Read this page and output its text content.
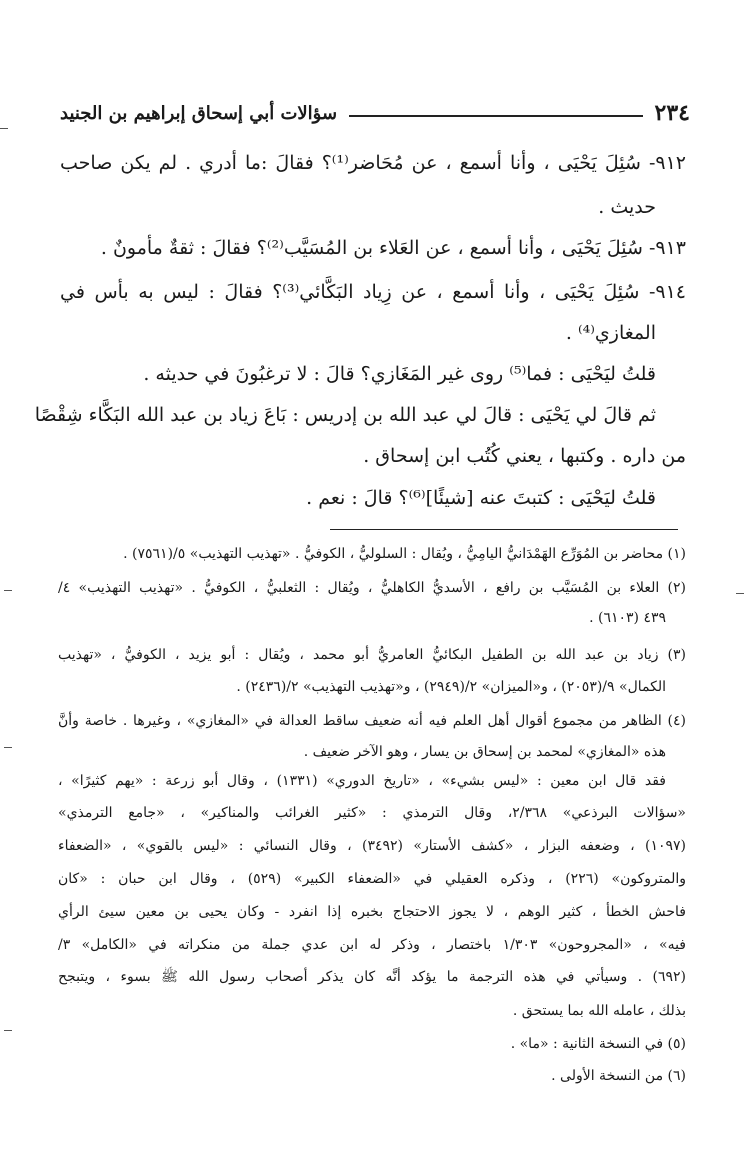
٢٣٤
سؤالات أبي إسحاق إبراهيم بن الجنيد
٩١٢- سُئِلَ يَحْيَى ، وأنا أسمع ، عن مُحَاضر⁽¹⁾؟ فقالَ :ما أدري . لم يكن صاحب
حديث .
٩١٣- سُئِلَ يَحْيَى ، وأنا أسمع ، عن العَلاء بن المُسَيَّب⁽²⁾؟ فقالَ : ثقةٌ مأمونٌ .
٩١٤- سُئِلَ يَحْيَى ، وأنا أسمع ، عن زِياد البَكَّائي⁽³⁾؟ فقالَ : ليس به بأس في
المغازي⁽⁴⁾ .
قلتُ ليَحْيَى : فما⁽⁵⁾ روى غير المَغَازي؟ قالَ : لا ترغبُونَ في حديثه .
ثم قالَ لي يَحْيَى : قالَ لي عبد الله بن إدريس : بَاعَ زياد بن عبد الله البَكَّاء شِقْصًا
من داره . وكتبها ، يعني كُتُب ابن إسحاق .
قلتُ ليَحْيَى : كتبتَ عنه [شيئًا]⁽⁶⁾؟ قالَ : نعم .
(١) محاضر بن المُوَرِّع الهَمْدَانيُّ اليامِيُّ ، ويُقال : السلوليُّ ، الكوفيُّ . «تهذيب التهذيب» ٥/(٧٥٦١) .
(٢) العلاء بن المُسَيَّب بن رافع ، الأسديُّ الكاهليُّ ، ويُقال : الثعلبيُّ ، الكوفيُّ . «تهذيب التهذيب» ٤/
٤٣٩ (٦١٠٣) .
(٣) زياد بن عبد الله بن الطفيل البكائيُّ العامريُّ أبو محمد ، ويُقال : أبو يزيد ، الكوفيُّ ، «تهذيب
الكمال» ٩/(٢٠٥٣) ، و«الميزان» ٢/(٢٩٤٩) ، و«تهذيب التهذيب» ٢/(٢٤٣٦) .
(٤) الظاهر من مجموع أقوال أهل العلم فيه أنه ضعيف ساقط العدالة في «المغازي» ، وغيرها . خاصة وأنَّ
هذه «المغازي» لمحمد بن إسحاق بن يسار ، وهو الآخر ضعيف .
فقد قال ابن معين : «ليس بشيء» ، «تاريخ الدوري» (١٣٣١) ، وقال أبو زرعة : «يهم كثيرًا» ،
«سؤالات البرذعي» ٢/٣٦٨، وقال الترمذي : «كثير الغرائب والمناكير» ، «جامع الترمذي»
(١٠٩٧) ، وضعفه البزار ، «كشف الأستار» (٣٤٩٢) ، وقال النسائي : «ليس بالقوي» ، «الضعفاء
والمتروكون» (٢٢٦) ، وذكره العقيلي في «الضعفاء الكبير» (٥٢٩) ، وقال ابن حبان : «كان
فاحش الخطأ ، كثير الوهم ، لا يجوز الاحتجاج بخبره إذا انفرد - وكان يحيى بن معين سيئ الرأي
فيه» ، «المجروحون» ١/٣٠٣ باختصار ، وذكر له ابن عدي جملة من منكراته في «الكامل» ٣/
(٦٩٢) . وسيأتي في هذه الترجمة ما يؤكد أنَّه كان يذكر أصحاب رسول الله ﷺ بسوء ، ويتبجح
بذلك ، عامله الله بما يستحق .
(٥) في النسخة الثانية : «ما» .
(٦) من النسخة الأولى .
